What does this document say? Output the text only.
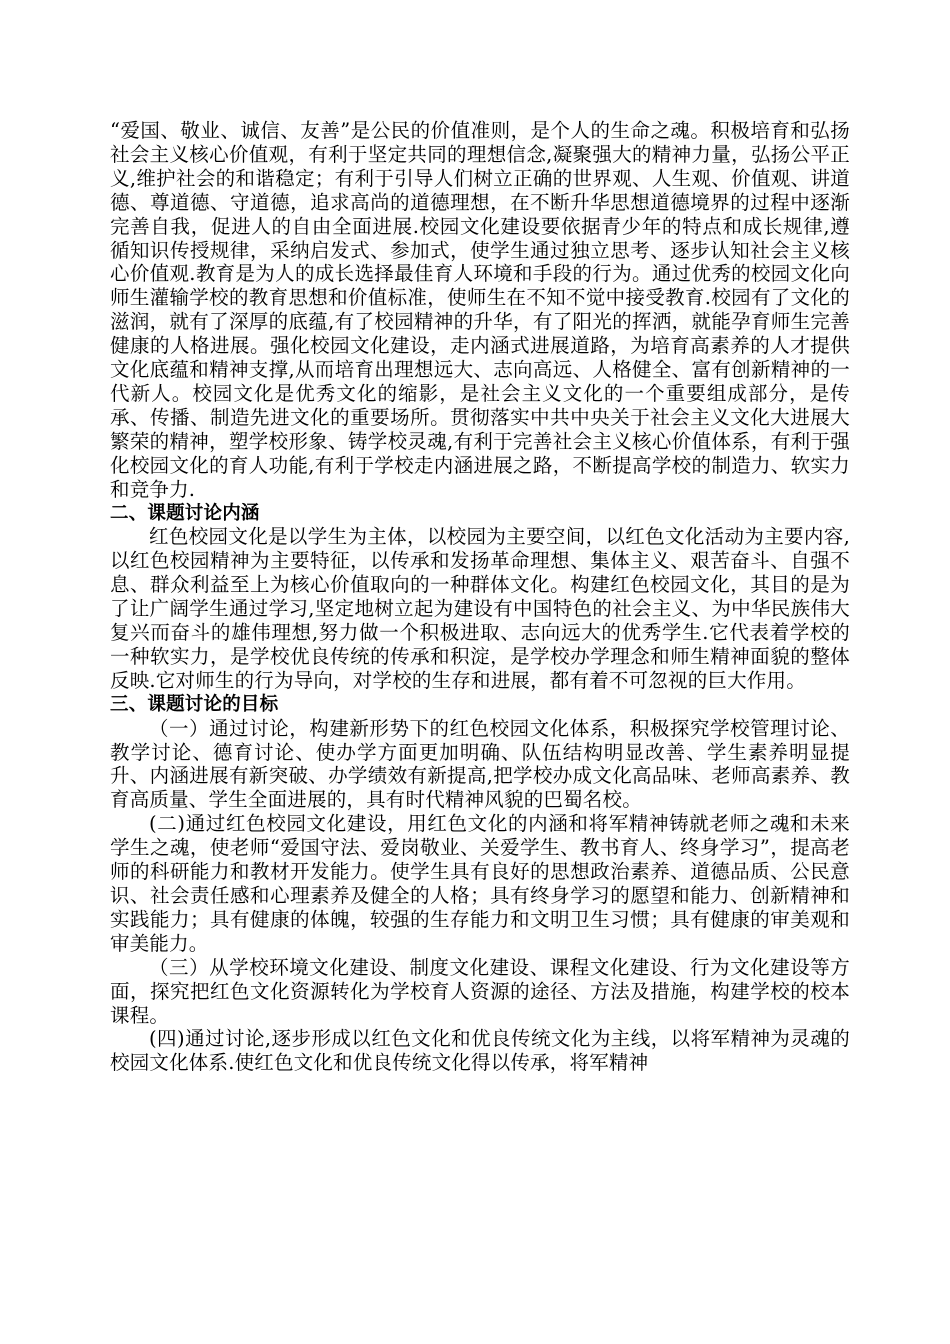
“爱国、敬业、诚信、友善”是公民的价值准则，是个人的生命之魂。积极培育和弘扬社会主义核心价值观，有利于坚定共同的理想信念,凝聚强大的精神力量，弘扬公平正义,维护社会的和谐稳定；有利于引导人们树立正确的世界观、人生观、价值观、讲道德、尊道德、守道德，追求高尚的道德理想，在不断升华思想道德境界的过程中逐渐完善自我，促进人的自由全面进展.校园文化建设要依据青少年的特点和成长规律,遵循知识传授规律，采纳启发式、参加式，使学生通过独立思考、逐步认知社会主义核心价值观.教育是为人的成长选择最佳育人环境和手段的行为。通过优秀的校园文化向师生灌输学校的教育思想和价值标准，使师生在不知不觉中接受教育.校园有了文化的滋润，就有了深厚的底蕴,有了校园精神的升华，有了阳光的挥洒，就能孕育师生完善健康的人格进展。强化校园文化建设，走内涵式进展道路，为培育高素养的人才提供文化底蕴和精神支撑,从而培育出理想远大、志向高远、人格健全、富有创新精神的一代新人。校园文化是优秀文化的缩影，是社会主义文化的一个重要组成部分，是传承、传播、制造先进文化的重要场所。贯彻落实中共中央关于社会主义文化大进展大繁荣的精神，塑学校形象、铸学校灵魂,有利于完善社会主义核心价值体系，有利于强化校园文化的育人功能,有利于学校走内涵进展之路，不断提高学校的制造力、软实力和竞争力.

二、课题讨论内涵

红色校园文化是以学生为主体，以校园为主要空间，以红色文化活动为主要内容,以红色校园精神为主要特征，以传承和发扬革命理想、集体主义、艰苦奋斗、自强不息、群众利益至上为核心价值取向的一种群体文化。构建红色校园文化，其目的是为了让广阔学生通过学习,坚定地树立起为建设有中国特色的社会主义、为中华民族伟大复兴而奋斗的雄伟理想,努力做一个积极进取、志向远大的优秀学生.它代表着学校的一种软实力，是学校优良传统的传承和积淀，是学校办学理念和师生精神面貌的整体反映.它对师生的行为导向，对学校的生存和进展，都有着不可忽视的巨大作用。

三、课题讨论的目标

（一）通过讨论，构建新形势下的红色校园文化体系，积极探究学校管理讨论、教学讨论、德育讨论、使办学方面更加明确、队伍结构明显改善、学生素养明显提升、内涵进展有新突破、办学绩效有新提高,把学校办成文化高品味、老师高素养、教育高质量、学生全面进展的，具有时代精神风貌的巴蜀名校。

(二)通过红色校园文化建设，用红色文化的内涵和将军精神铸就老师之魂和未来学生之魂，使老师“爱国守法、爱岗敬业、关爱学生、教书育人、终身学习”，提高老师的科研能力和教材开发能力。使学生具有良好的思想政治素养、道德品质、公民意识、社会责任感和心理素养及健全的人格；具有终身学习的愿望和能力、创新精神和实践能力；具有健康的体魄，较强的生存能力和文明卫生习惯；具有健康的审美观和审美能力。

（三）从学校环境文化建设、制度文化建设、课程文化建设、行为文化建设等方面，探究把红色文化资源转化为学校育人资源的途径、方法及措施，构建学校的校本课程。

(四)通过讨论,逐步形成以红色文化和优良传统文化为主线，以将军精神为灵魂的校园文化体系.使红色文化和优良传统文化得以传承，将军精神
